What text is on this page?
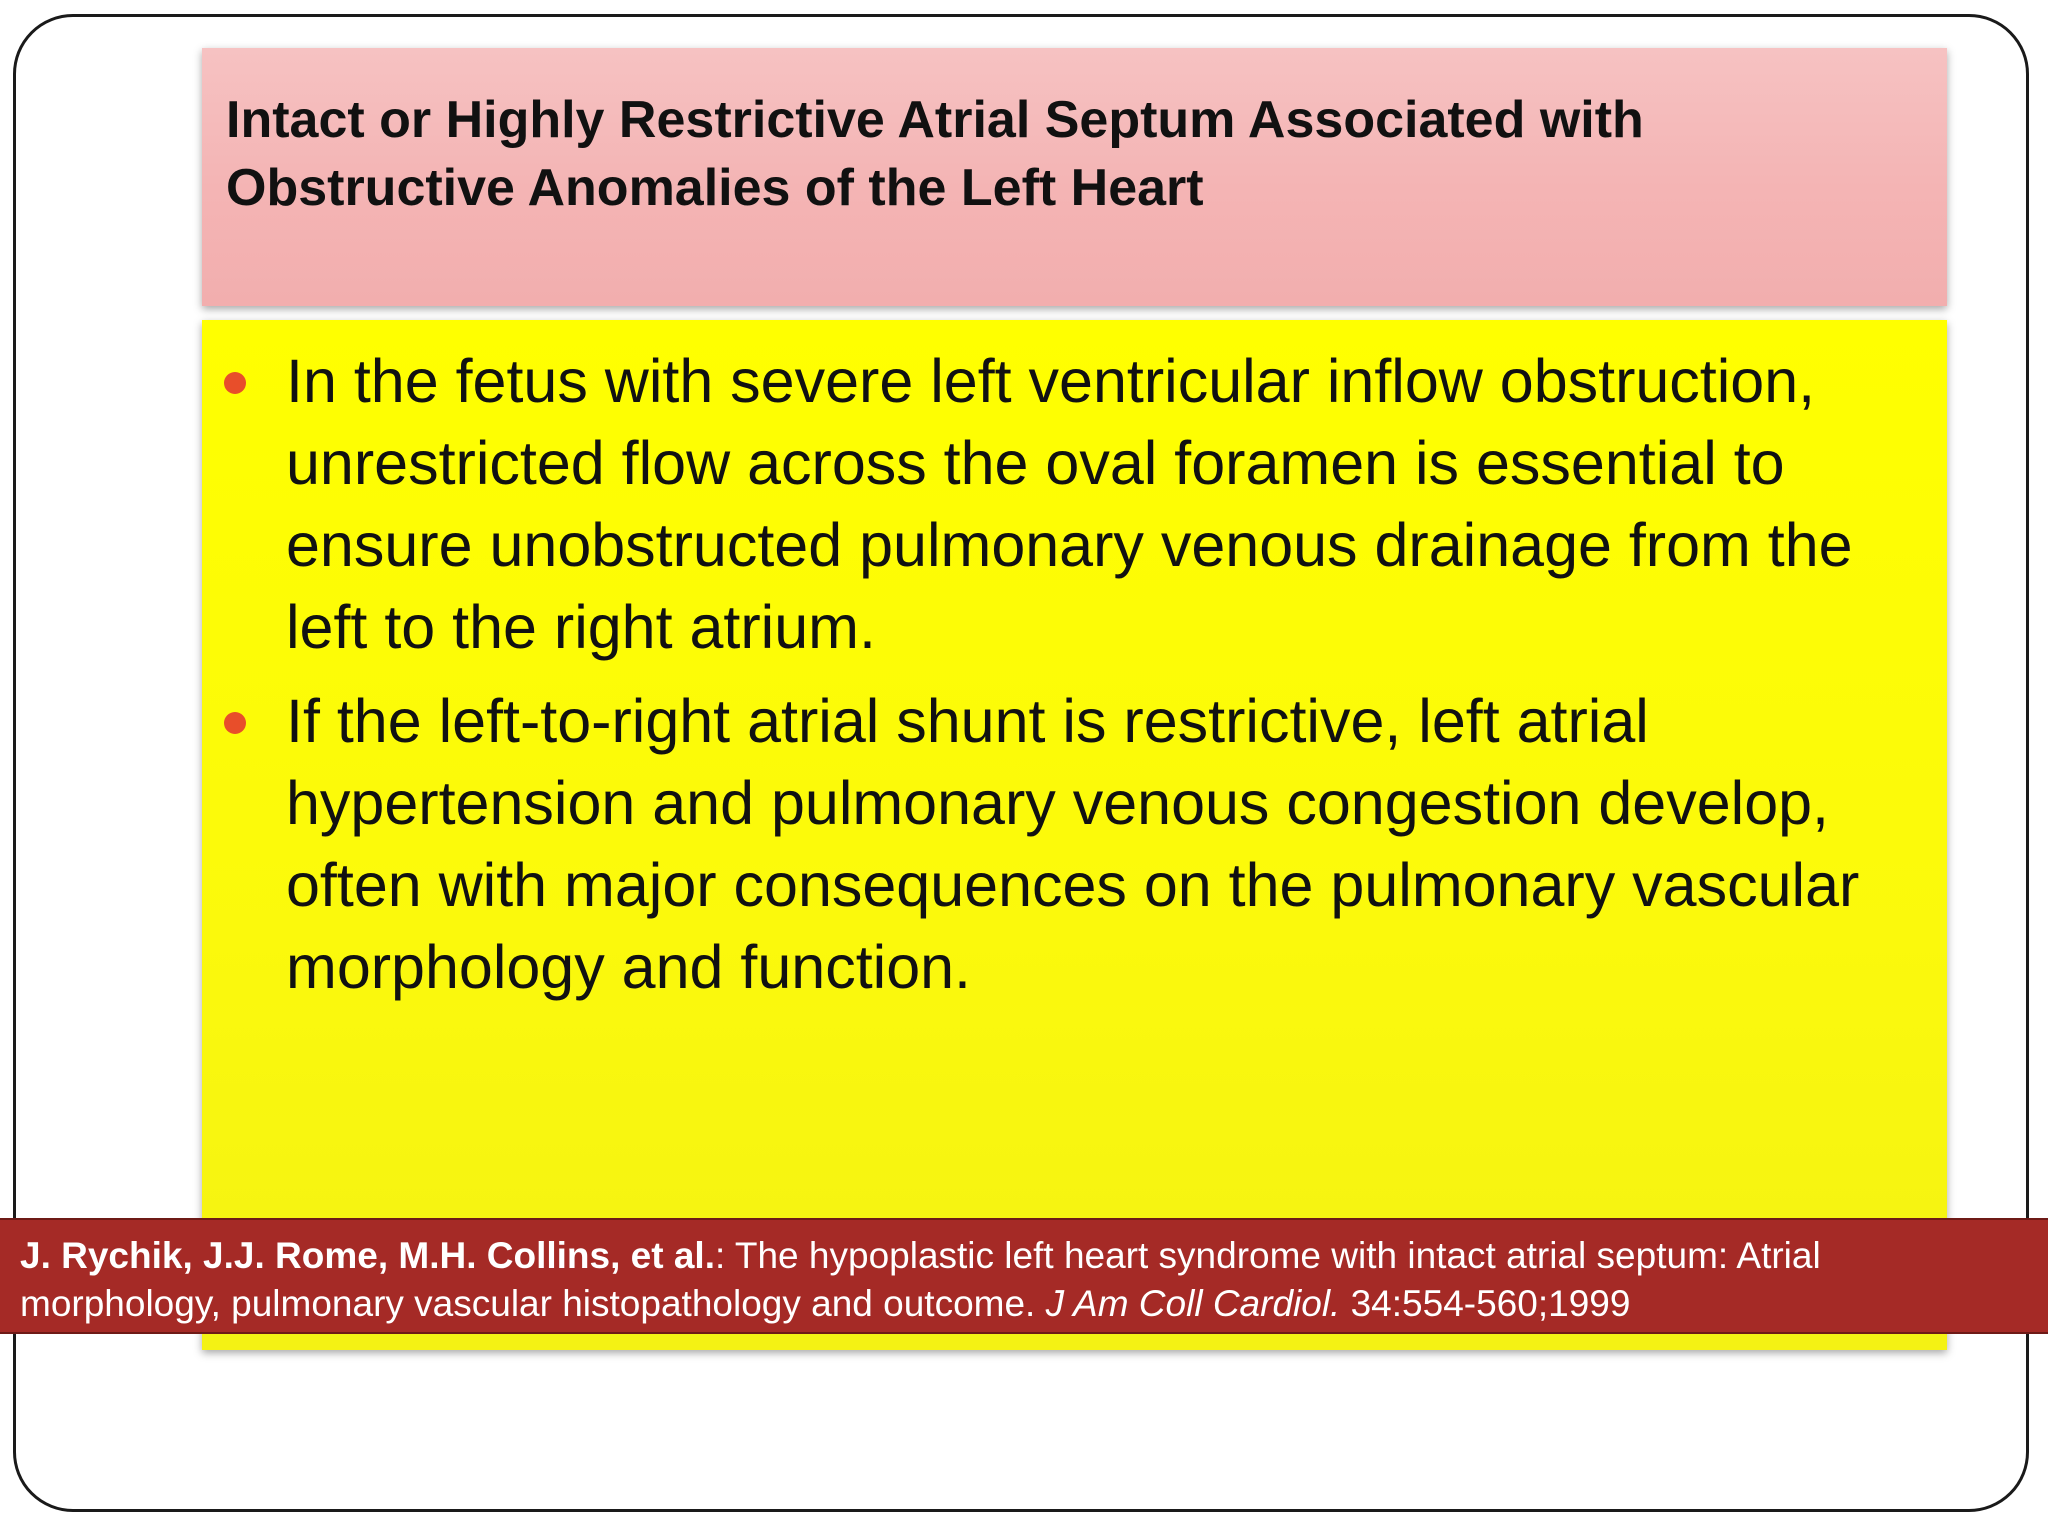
Intact or Highly Restrictive Atrial Septum Associated with Obstructive Anomalies of the Left Heart
In the fetus with severe left ventricular inflow obstruction, unrestricted flow across the oval foramen is essential to ensure unobstructed pulmonary venous drainage from the left to the right atrium.
If the left-to-right atrial shunt is restrictive, left atrial hypertension and pulmonary venous congestion develop, often with major consequences on the pulmonary vascular morphology and function.
J. Rychik, J.J. Rome, M.H. Collins, et al.: The hypoplastic left heart syndrome with intact atrial septum: Atrial morphology, pulmonary vascular histopathology and outcome. J Am Coll Cardiol. 34:554-560;1999
